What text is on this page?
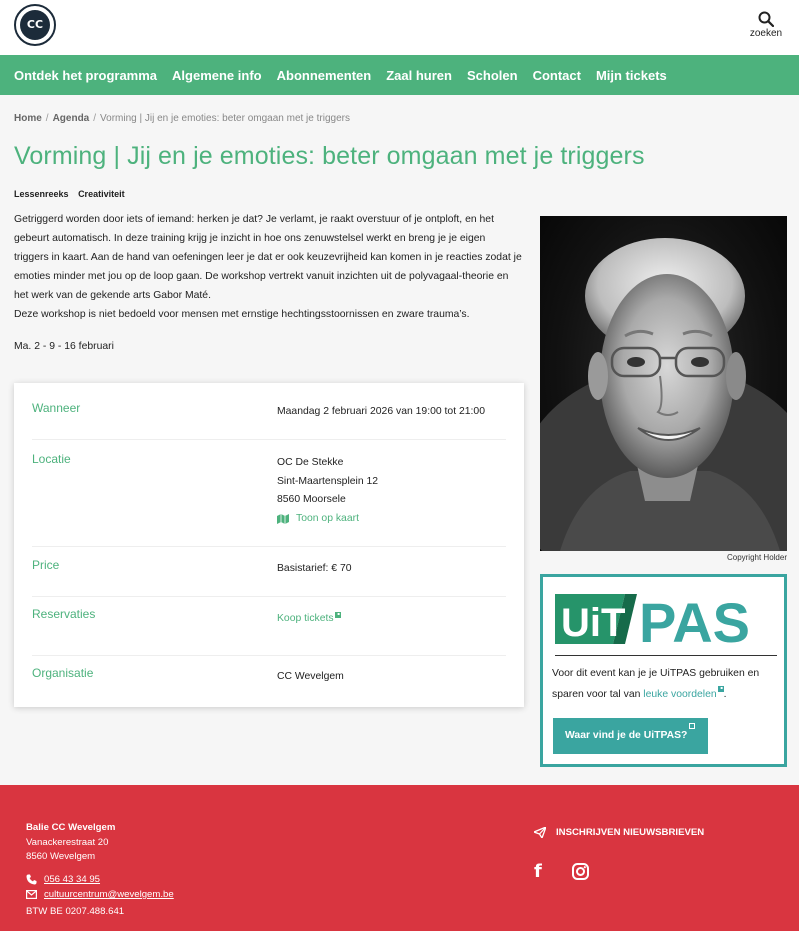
CC
zoeken
Ontdek het programma Algemene info Abonnementen Zaal huren Scholen Contact Mijn tickets
Home / Agenda / Vorming | Jij en je emoties: beter omgaan met je triggers
Vorming | Jij en je emoties: beter omgaan met je triggers
Lessenreeks Creativiteit
Getriggerd worden door iets of iemand: herken je dat? Je verlamt, je raakt overstuur of je ontploft, en het
gebeurt automatisch. In deze training krijg je inzicht in hoe ons zenuwstelsel werkt en breng je je eigen
triggers in kaart. Aan de hand van oefeningen leer je dat er ook keuzevrijheid kan komen in je reacties zodat je
emoties minder met jou op de loop gaan. De workshop vertrekt vanuit inzichten uit de polyvagaal-theorie en
het werk van de gekende arts Gabor Maté.
Deze workshop is niet bedoeld voor mensen met ernstige hechtingsstoornissen en zware trauma’s.
Ma. 2 - 9 - 16 februari
Wanneer	Maandag 2 februari 2026 van 19:00 tot 21:00
Locatie	OC De Stekke
Sint-Maartensplein 12
8560 Moorsele
Toon op kaart
Price	Basistarief: € 70
Reservaties	Koop tickets
Organisatie	CC Wevelgem
Copyright Holder
UiT PAS
Voor dit event kan je je UiTPAS gebruiken en sparen voor tal van leuke voordelen .
Waar vind je de UiTPAS?
Balie CC Wevelgem
Vanackerestraat 20
8560 Wevelgem
056 43 34 95
cultuurcentrum@wevelgem.be
BTW BE 0207.488.641
INSCHRIJVEN NIEUWSBRIEVEN
f
